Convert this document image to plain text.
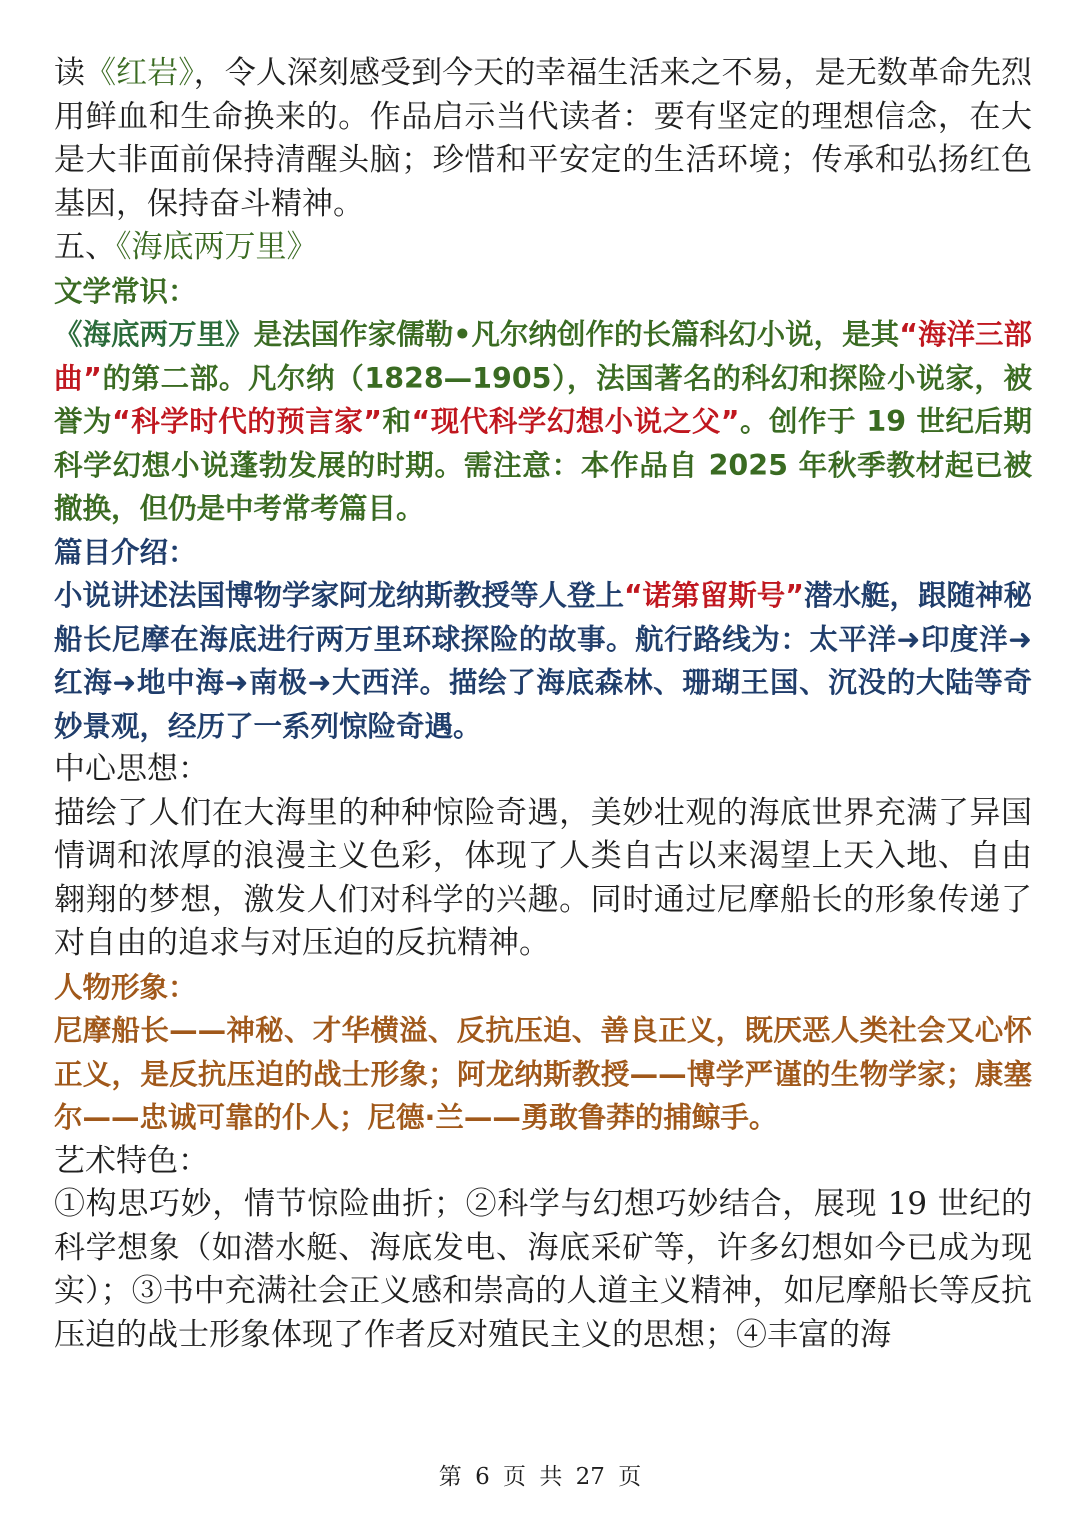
读《红岩》，令人深刻感受到今天的幸福生活来之不易，是无数革命先烈用鲜血和生命换来的。作品启示当代读者：要有坚定的理想信念，在大是大非面前保持清醒头脑；珍惜和平安定的生活环境；传承和弘扬红色基因，保持奋斗精神。

五、《海底两万里》

文学常识：

《海底两万里》是法国作家儒勒•凡尔纳创作的长篇科幻小说，是其“海洋三部曲”的第二部。凡尔纳（1828—1905），法国著名的科幻和探险小说家，被誉为“科学时代的预言家”和“现代科学幻想小说之父”。创作于 19 世纪后期科学幻想小说蓬勃发展的时期。需注意：本作品自 2025 年秋季教材起已被撤换，但仍是中考常考篇目。

篇目介绍：

小说讲述法国博物学家阿龙纳斯教授等人登上“诺第留斯号”潜水艇，跟随神秘船长尼摩在海底进行两万里环球探险的故事。航行路线为：太平洋➜印度洋➜红海➜地中海➜南极➜大西洋。描绘了海底森林、珊瑚王国、沉没的大陆等奇妙景观，经历了一系列惊险奇遇。

中心思想：

描绘了人们在大海里的种种惊险奇遇，美妙壮观的海底世界充满了异国情调和浓厚的浪漫主义色彩，体现了人类自古以来渴望上天入地、自由翱翔的梦想，激发人们对科学的兴趣。同时通过尼摩船长的形象传递了对自由的追求与对压迫的反抗精神。

人物形象：

尼摩船长——神秘、才华横溢、反抗压迫、善良正义，既厌恶人类社会又心怀正义，是反抗压迫的战士形象；阿龙纳斯教授——博学严谨的生物学家；康塞尔——忠诚可靠的仆人；尼德·兰——勇敢鲁莽的捕鲸手。

艺术特色：

①构思巧妙，情节惊险曲折；②科学与幻想巧妙结合，展现 19 世纪的科学想象（如潜水艇、海底发电、海底采矿等，许多幻想如今已成为现实）；③书中充满社会正义感和崇高的人道主义精神，如尼摩船长等反抗压迫的战士形象体现了作者反对殖民主义的思想；④丰富的海

第 6 页 共 27 页
